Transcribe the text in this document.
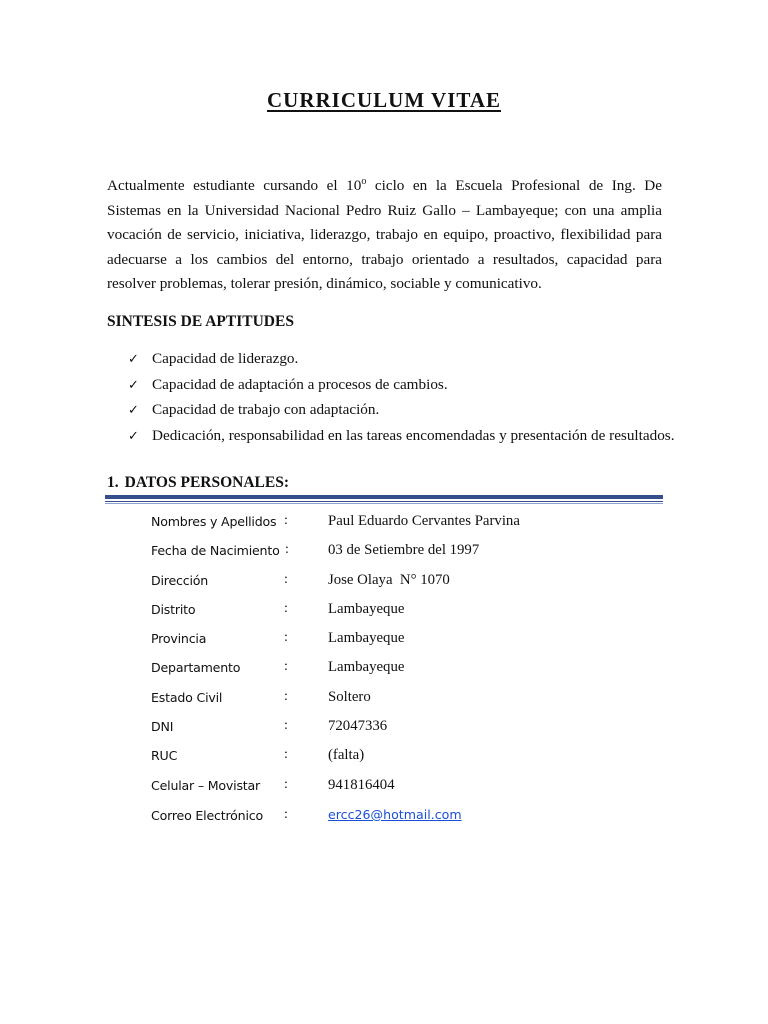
CURRICULUM VITAE

Actualmente estudiante cursando el 10$^o$ ciclo en la Escuela Profesional de Ing. De Sistemas en la Universidad Nacional Pedro Ruiz Gallo – Lambayeque; con una amplia vocación de servicio, iniciativa, liderazgo, trabajo en equipo, proactivo, flexibilidad para adecuarse a los cambios del entorno, trabajo orientado a resultados, capacidad para resolver problemas, tolerar presión, dinámico, sociable y comunicativo.

SINTESIS DE APTITUDES
✓ Capacidad de liderazgo.
✓ Capacidad de adaptación a procesos de cambios.
✓ Capacidad de trabajo con adaptación.
✓ Dedicación, responsabilidad en las tareas encomendadas y presentación de resultados.
1. DATOS PERSONALES:
Nombres y Apellidos :	Paul Eduardo Cervantes Parvina
Fecha de Nacimiento :	03 de Setiembre del 1997
Dirección	:	Jose Olaya  N° 1070
Distrito	:	Lambayeque
Provincia	:	Lambayeque
Departamento	:	Lambayeque
Estado Civil	:	Soltero
DNI	:	72047336
RUC	:	(falta)
Celular – Movistar :	941816404
Correo Electrónico :	ercc26@hotmail.com
